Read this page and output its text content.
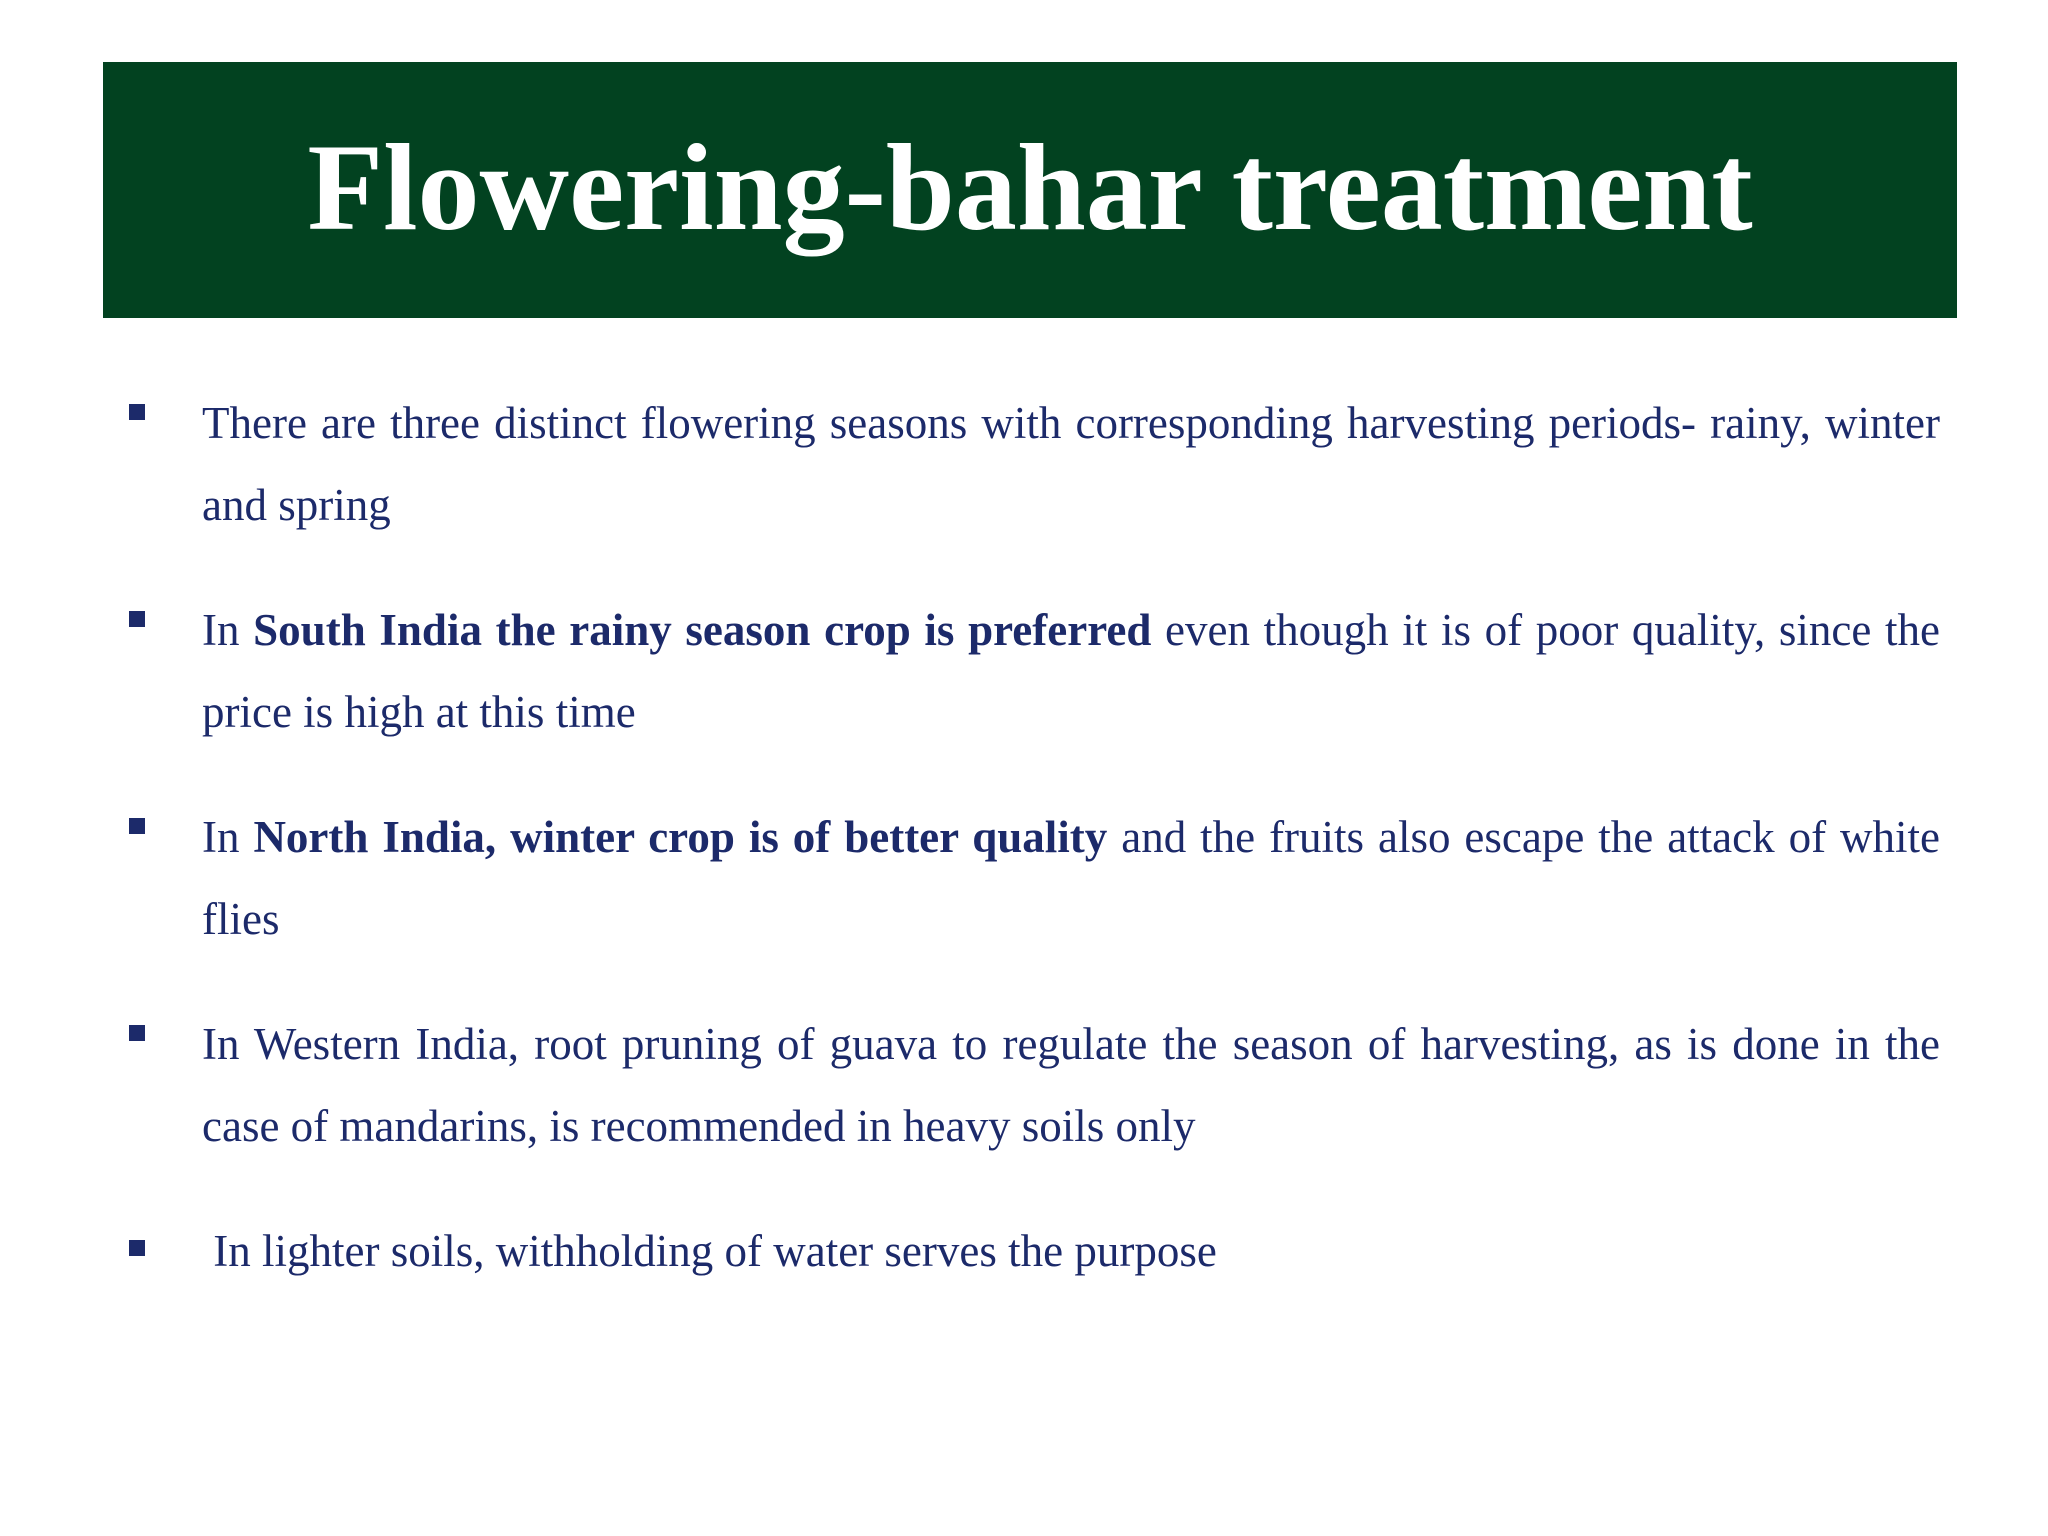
Flowering-bahar treatment
There are three distinct flowering seasons with corresponding harvesting periods- rainy, winter and spring
In South India the rainy season crop is preferred even though it is of poor quality, since the price is high at this time
In North India, winter crop is of better quality and the fruits also escape the attack of white flies
In Western India, root pruning of guava to regulate the season of harvesting, as is done in the case of mandarins, is recommended in heavy soils only
In lighter soils, withholding of water serves the purpose
